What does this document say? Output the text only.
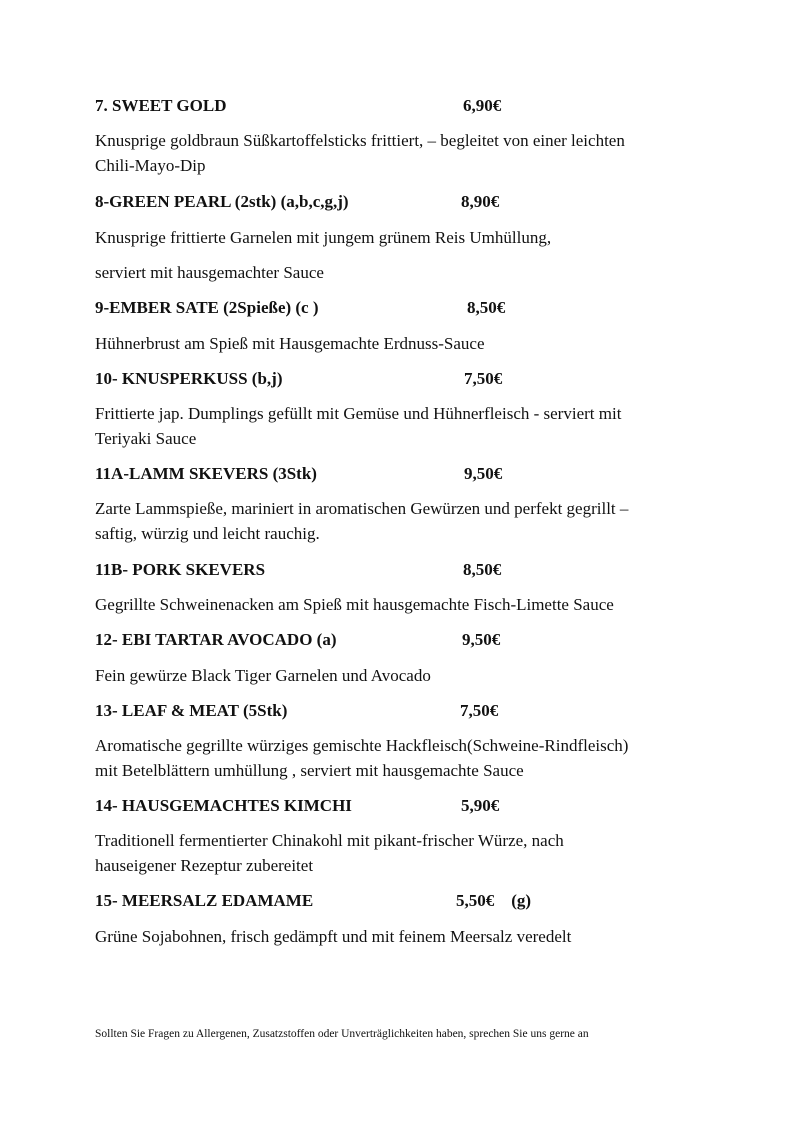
7. SWEET GOLD	6,90€
Knusprige goldbraun Süßkartoffelsticks frittiert, – begleitet von einer leichten
Chili-Mayo-Dip
8-GREEN PEARL (2stk) (a,b,c,g,j)	8,90€
Knusprige frittierte Garnelen mit jungem grünem Reis Umhüllung,
serviert mit hausgemachter Sauce
9-EMBER SATE (2Spieße) (c )	8,50€
Hühnerbrust am Spieß mit Hausgemachte Erdnuss-Sauce
10- KNUSPERKUSS (b,j)	7,50€
Frittierte jap. Dumplings gefüllt mit Gemüse und Hühnerfleisch - serviert mit
Teriyaki Sauce
11A-LAMM SKEVERS (3Stk)	9,50€
Zarte Lammspieße, mariniert in aromatischen Gewürzen und perfekt gegrillt –
saftig, würzig und leicht rauchig.
11B- PORK SKEVERS	8,50€
Gegrillte Schweinenacken am Spieß mit hausgemachte Fisch-Limette Sauce
12- EBI TARTAR AVOCADO (a)	9,50€
Fein gewürze Black Tiger Garnelen und Avocado
13- LEAF & MEAT (5Stk)	7,50€
Aromatische gegrillte würziges gemischte Hackfleisch(Schweine-Rindfleisch)
mit Betelblättern umhüllung , serviert mit hausgemachte Sauce
14- HAUSGEMACHTES KIMCHI	5,90€
Traditionell fermentierter Chinakohl mit pikant-frischer Würze, nach
hauseigener Rezeptur zubereitet
15- MEERSALZ EDAMAME	5,50€    (g)
Grüne Sojabohnen, frisch gedämpft und mit feinem Meersalz veredelt
Sollten Sie Fragen zu Allergenen, Zusatzstoffen oder Unverträglichkeiten haben, sprechen Sie uns gerne an
